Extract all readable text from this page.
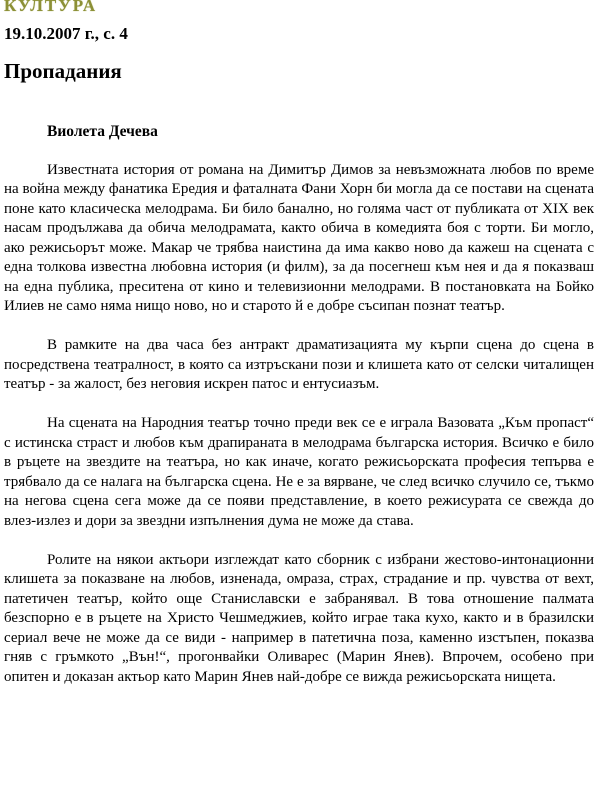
КУЛТУРА
19.10.2007 г., с. 4
Пропадания
Виолета Дечева

Известната история от романа на Димитър Димов за невъзможната любов по време на война между фанатика Ередия и фаталната Фани Хорн би могла да се постави на сцената поне като класическа мелодрама. Би било банално, но голяма част от публиката от XIX век насам продължава да обича мелодрамата, както обича в комедията боя с торти. Би могло, ако режисьорът може. Макар че трябва наистина да има какво ново да кажеш на сцената с една толкова известна любовна история (и филм), за да посегнеш към нея и да я показваш на една публика, преситена от кино и телевизионни мелодрами. В постановката на Бойко Илиев не само няма нищо ново, но и старото й е добре съсипан познат театър.

В рамките на два часа без антракт драматизацията му кърпи сцена до сцена в посредствена театралност, в която са изтръскани пози и клишета като от селски читалищен театър - за жалост, без неговия искрен патос и ентусиазъм.

На сцената на Народния театър точно преди век се е играла Вазовата „Към пропаст“ с истинска страст и любов към драпираната в мелодрама българска история. Всичко е било в ръцете на звездите на театъра, но как иначе, когато режисьорската професия тепърва е трябвало да се налага на българска сцена. Не е за вярване, че след всичко случило се, тъкмо на негова сцена сега може да се появи представление, в което режисурата се свежда до влез-излез и дори за звездни изпълнения дума не може да става.

Ролите на някои актьори изглеждат като сборник с избрани жестово-интонационни клишета за показване на любов, изненада, омраза, страх, страдание и пр. чувства от вехт, патетичен театър, който още Станиславски е забранявал. В това отношение палмата безспорно е в ръцете на Христо Чешмеджиев, който играе така кухо, както и в бразилски сериал вече не може да се види - например в патетична поза, каменно изстъпен, показва гняв с гръмкото „Вън!“, прогонвайки Оливарес (Марин Янев). Впрочем, особено при опитен и доказан актьор като Марин Янев най-добре се вижда режисьорската нищета.
